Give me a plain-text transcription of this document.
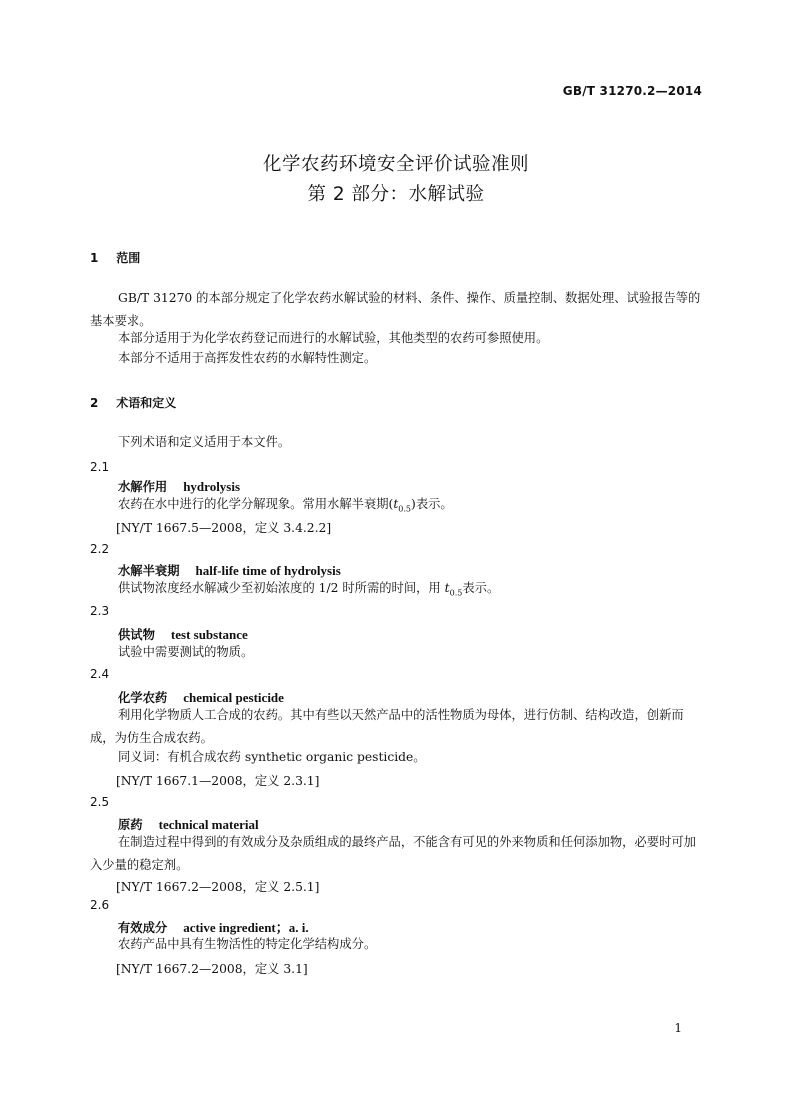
GB/T 31270.2—2014
化学农药环境安全评价试验准则
第 2 部分：水解试验
1 范围
GB/T 31270 的本部分规定了化学农药水解试验的材料、条件、操作、质量控制、数据处理、试验报告等的基本要求。
本部分适用于为化学农药登记而进行的水解试验，其他类型的农药可参照使用。
本部分不适用于高挥发性农药的水解特性测定。
2 术语和定义
下列术语和定义适用于本文件。
2.1
水解作用 hydrolysis
农药在水中进行的化学分解现象。常用水解半衰期$(t_{0.5})$表示。
[NY/T 1667.5—2008，定义 3.4.2.2]
2.2
水解半衰期 half-life time of hydrolysis
供试物浓度经水解减少至初始浓度的 1/2 时所需的时间，用 $t_{0.5}$表示。
2.3
供试物 test substance
试验中需要测试的物质。
2.4
化学农药 chemical pesticide
利用化学物质人工合成的农药。其中有些以天然产品中的活性物质为母体，进行仿制、结构改造，创新而成，为仿生合成农药。
同义词：有机合成农药 synthetic organic pesticide。
[NY/T 1667.1—2008，定义 2.3.1]
2.5
原药 technical material
在制造过程中得到的有效成分及杂质组成的最终产品，不能含有可见的外来物质和任何添加物，必要时可加入少量的稳定剂。
[NY/T 1667.2—2008，定义 2.5.1]
2.6
有效成分 active ingredient；a. i.
农药产品中具有生物活性的特定化学结构成分。
[NY/T 1667.2—2008，定义 3.1]
1
